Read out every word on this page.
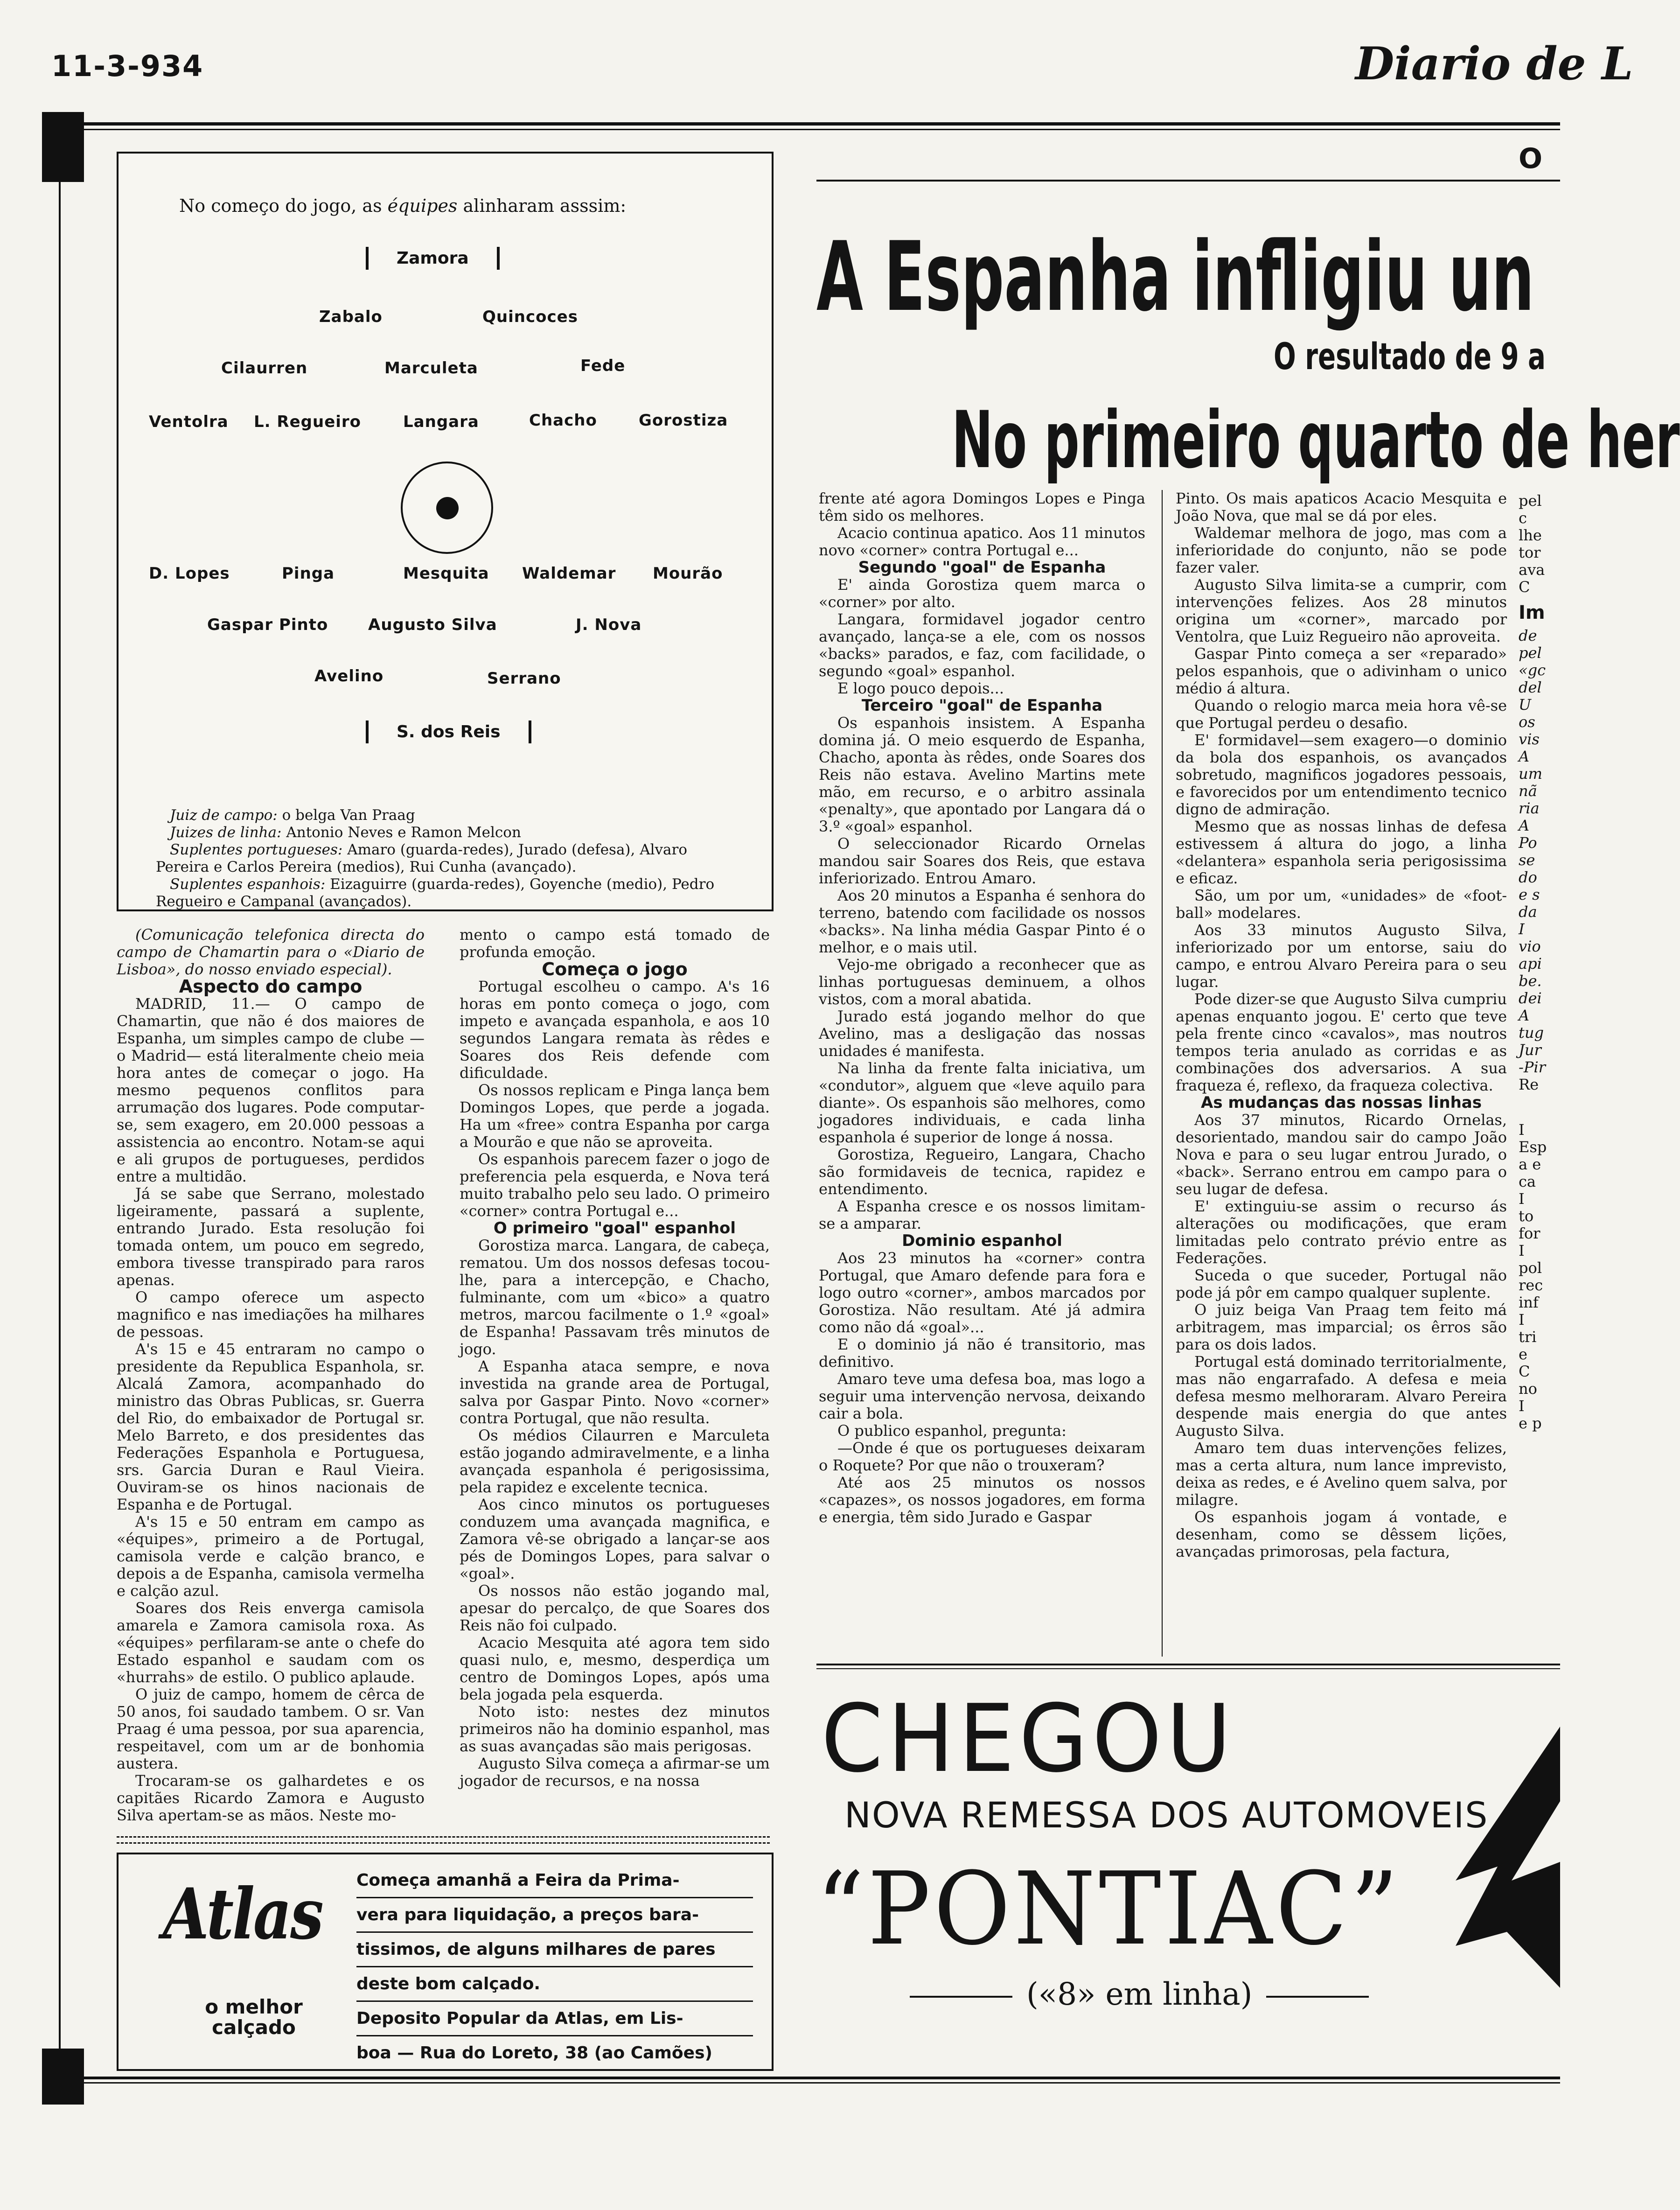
11-3-934	Diario de L
No começo do jogo, as équipes alinharam asssim:
Zamora
Zabalo	Quincoces
Cilaurren	Marculeta	Fede
Ventolra L. Regueiro	Langara	Chacho	Gorostiza
D. Lopes	Pinga	Mesquita Waldemar Mourão
Gaspar Pinto	Augusto Silva	J. Nova
Avelino	Serrano
S. dos Reis
Juiz de campo: o belga Van Praag
Juizes de linha: Antonio Neves e Ramon Melcon
Suplentes portugueses: Amaro (guarda-redes), Jurado (defesa), Alvaro Pereira e Carlos Pereira (medios), Rui Cunha (avançado).
Suplentes espanhois: Eizaguirre (guarda-redes), Goyenche (medio), Pedro Regueiro e Campanal (avançados).
O
A Espanha infligiu un
O resultado de 9 a
No primeiro quarto de her

(Comunicação telefonica directa do campo de Chamartin para o «Diario de Lisboa», do nosso enviado especial).

Aspecto do campo

MADRID, 11.— O campo de Chamartin, que não é dos maiores de Espanha, um simples campo de clube — o Madrid— está literalmente cheio meia hora antes de começar o jogo. Ha mesmo pequenos conflitos para arrumação dos lugares. Pode computar-se, sem exagero, em 20.000 pessoas a assistencia ao encontro. Notam-se aqui e ali grupos de portugueses, perdidos entre a multidão.

Já se sabe que Serrano, molestado ligeiramente, passará a suplente, entrando Jurado. Esta resolução foi tomada ontem, um pouco em segredo, embora tivesse transpirado para raros apenas.

O campo oferece um aspecto magnifico e nas imediações ha milhares de pessoas.

A's 15 e 45 entraram no campo o presidente da Republica Espanhola, sr. Alcalá Zamora, acompanhado do ministro das Obras Publicas, sr. Guerra del Rio, do embaixador de Portugal sr. Melo Barreto, e dos presidentes das Federações Espanhola e Portuguesa, srs. Garcia Duran e Raul Vieira. Ouviram-se os hinos nacionais de Espanha e de Portugal.

A's 15 e 50 entram em campo as «équipes», primeiro a de Portugal, camisola verde e calção branco, e depois a de Espanha, camisola vermelha e calção azul.

Soares dos Reis enverga camisola amarela e Zamora camisola roxa. As «équipes» perfilaram-se ante o chefe do Estado espanhol e saudam com os «hurrahs» de estilo. O publico aplaude.

O juiz de campo, homem de cêrca de 50 anos, foi saudado tambem. O sr. Van Praag é uma pessoa, por sua aparencia, respeitavel, com um ar de bonhomia austera.

Trocaram-se os galhardetes e os capitães Ricardo Zamora e Augusto Silva apertam-se as mãos. Neste mo-

mento o campo está tomado de profunda emoção.

Começa o jogo

Portugal escolheu o campo. A's 16 horas em ponto começa o jogo, com impeto e avançada espanhola, e aos 10 segundos Langara remata às rêdes e Soares dos Reis defende com dificuldade.

Os nossos replicam e Pinga lança bem Domingos Lopes, que perde a jogada. Ha um «free» contra Espanha por carga a Mourão e que não se aproveita.

Os espanhois parecem fazer o jogo de preferencia pela esquerda, e Nova terá muito trabalho pelo seu lado. O primeiro «corner» contra Portugal e...

O primeiro "goal" espanhol

Gorostiza marca. Langara, de cabeça, rematou. Um dos nossos defesas tocou-lhe, para a intercepção, e Chacho, fulminante, com um «bico» a quatro metros, marcou facilmente o 1.º «goal» de Espanha! Passavam três minutos de jogo.

A Espanha ataca sempre, e nova investida na grande area de Portugal, salva por Gaspar Pinto. Novo «corner» contra Portugal, que não resulta.

Os médios Cilaurren e Marculeta estão jogando admiravelmente, e a linha avançada espanhola é perigosissima, pela rapidez e excelente tecnica.

Aos cinco minutos os portugueses conduzem uma avançada magnifica, e Zamora vê-se obrigado a lançar-se aos pés de Domingos Lopes, para salvar o «goal».

Os nossos não estão jogando mal, apesar do percalço, de que Soares dos Reis não foi culpado.

Acacio Mesquita até agora tem sido quasi nulo, e, mesmo, desperdiça um centro de Domingos Lopes, após uma bela jogada pela esquerda.

Noto isto: nestes dez minutos primeiros não ha dominio espanhol, mas as suas avançadas são mais perigosas.

Augusto Silva começa a afirmar-se um jogador de recursos, e na nossa

frente até agora Domingos Lopes e Pinga têm sido os melhores.

Acacio continua apatico. Aos 11 minutos novo «corner» contra Portugal e...

Segundo "goal" de Espanha

E' ainda Gorostiza quem marca o «corner» por alto.

Langara, formidavel jogador centro avançado, lança-se a ele, com os nossos «backs» parados, e faz, com facilidade, o segundo «goal» espanhol.

E logo pouco depois...

Terceiro "goal" de Espanha

Os espanhois insistem. A Espanha domina já. O meio esquerdo de Espanha, Chacho, aponta às rêdes, onde Soares dos Reis não estava. Avelino Martins mete mão, em recurso, e o arbitro assinala «penalty», que apontado por Langara dá o 3.º «goal» espanhol.

O seleccionador Ricardo Ornelas mandou sair Soares dos Reis, que estava inferiorizado. Entrou Amaro.

Aos 20 minutos a Espanha é senhora do terreno, batendo com facilidade os nossos «backs». Na linha média Gaspar Pinto é o melhor, e o mais util.

Vejo-me obrigado a reconhecer que as linhas portuguesas deminuem, a olhos vistos, com a moral abatida.

Jurado está jogando melhor do que Avelino, mas a desligação das nossas unidades é manifesta.

Na linha da frente falta iniciativa, um «condutor», alguem que «leve aquilo para diante». Os espanhois são melhores, como jogadores individuais, e cada linha espanhola é superior de longe á nossa.

Gorostiza, Regueiro, Langara, Chacho são formidaveis de tecnica, rapidez e entendimento.

A Espanha cresce e os nossos limitam-se a amparar.

Dominio espanhol

Aos 23 minutos ha «corner» contra Portugal, que Amaro defende para fora e logo outro «corner», ambos marcados por Gorostiza. Não resultam. Até já admira como não dá «goal»...

E o dominio já não é transitorio, mas definitivo.

Amaro teve uma defesa boa, mas logo a seguir uma intervenção nervosa, deixando cair a bola.

O publico espanhol, pregunta:

—Onde é que os portugueses deixaram o Roquete? Por que não o trouxeram?

Até aos 25 minutos os nossos «capazes», os nossos jogadores, em forma e energia, têm sido Jurado e Gaspar

Pinto. Os mais apaticos Acacio Mesquita e João Nova, que mal se dá por eles.

Waldemar melhora de jogo, mas com a inferioridade do conjunto, não se pode fazer valer.

Augusto Silva limita-se a cumprir, com intervenções felizes. Aos 28 minutos origina um «corner», marcado por Ventolra, que Luiz Regueiro não aproveita.

Gaspar Pinto começa a ser «reparado» pelos espanhois, que o adivinham o unico médio á altura.

Quando o relogio marca meia hora vê-se que Portugal perdeu o desafio.

E' formidavel—sem exagero—o dominio da bola dos espanhois, os avançados sobretudo, magnificos jogadores pessoais, e favorecidos por um entendimento tecnico digno de admiração.

Mesmo que as nossas linhas de defesa estivessem á altura do jogo, a linha «delantera» espanhola seria perigosissima e eficaz.

São, um por um, «unidades» de «foot-ball» modelares.

Aos 33 minutos Augusto Silva, inferiorizado por um entorse, saiu do campo, e entrou Alvaro Pereira para o seu lugar.

Pode dizer-se que Augusto Silva cumpriu apenas enquanto jogou. E' certo que teve pela frente cinco «cavalos», mas noutros tempos teria anulado as corridas e as combinações dos adversarios. A sua fraqueza é, reflexo, da fraqueza colectiva.

As mudanças das nossas linhas

Aos 37 minutos, Ricardo Ornelas, desorientado, mandou sair do campo João Nova e para o seu lugar entrou Jurado, o «back». Serrano entrou em campo para o seu lugar de defesa.

E' extinguiu-se assim o recurso ás alterações ou modificações, que eram limitadas pelo contrato prévio entre as Federações.

Suceda o que suceder, Portugal não pode já pôr em campo qualquer suplente.

O juiz beiga Van Praag tem feito má arbitragem, mas imparcial; os êrros são para os dois lados.

Portugal está dominado territorialmente, mas não engarrafado. A defesa e meia defesa mesmo melhoraram. Alvaro Pereira despende mais energia do que antes Augusto Silva.

Amaro tem duas intervenções felizes, mas a certa altura, num lance imprevisto, deixa as redes, e é Avelino quem salva, por milagre.

Os espanhois jogam á vontade, e desenham, como se dêssem lições, avançadas primorosas, pela factura,

pel
c
lhe
tor
ava
C
Im
de
pel
«gc
del
U
os
vis
A
um
nã
ria
A
Po
se
do
e s
da
I
vio
api
be.
dei
A
tug
Jur
-Pir
Re
I
Esp
a e
ca
I
to
for
I
pol
rec
inf
I
tri
e
C
no
I
e p
Atlas
o melhor calçado
Começa amanhã a Feira da Prima-
vera para liquidação, a preços bara-
tissimos, de alguns milhares de pares
deste bom calçado.
Deposito Popular da Atlas, em Lis-
boa — Rua do Loreto, 38 (ao Camões)
CHEGOU
NOVA REMESSA DOS AUTOMOVEIS
“PONTIAC”
(«8» em linha)
